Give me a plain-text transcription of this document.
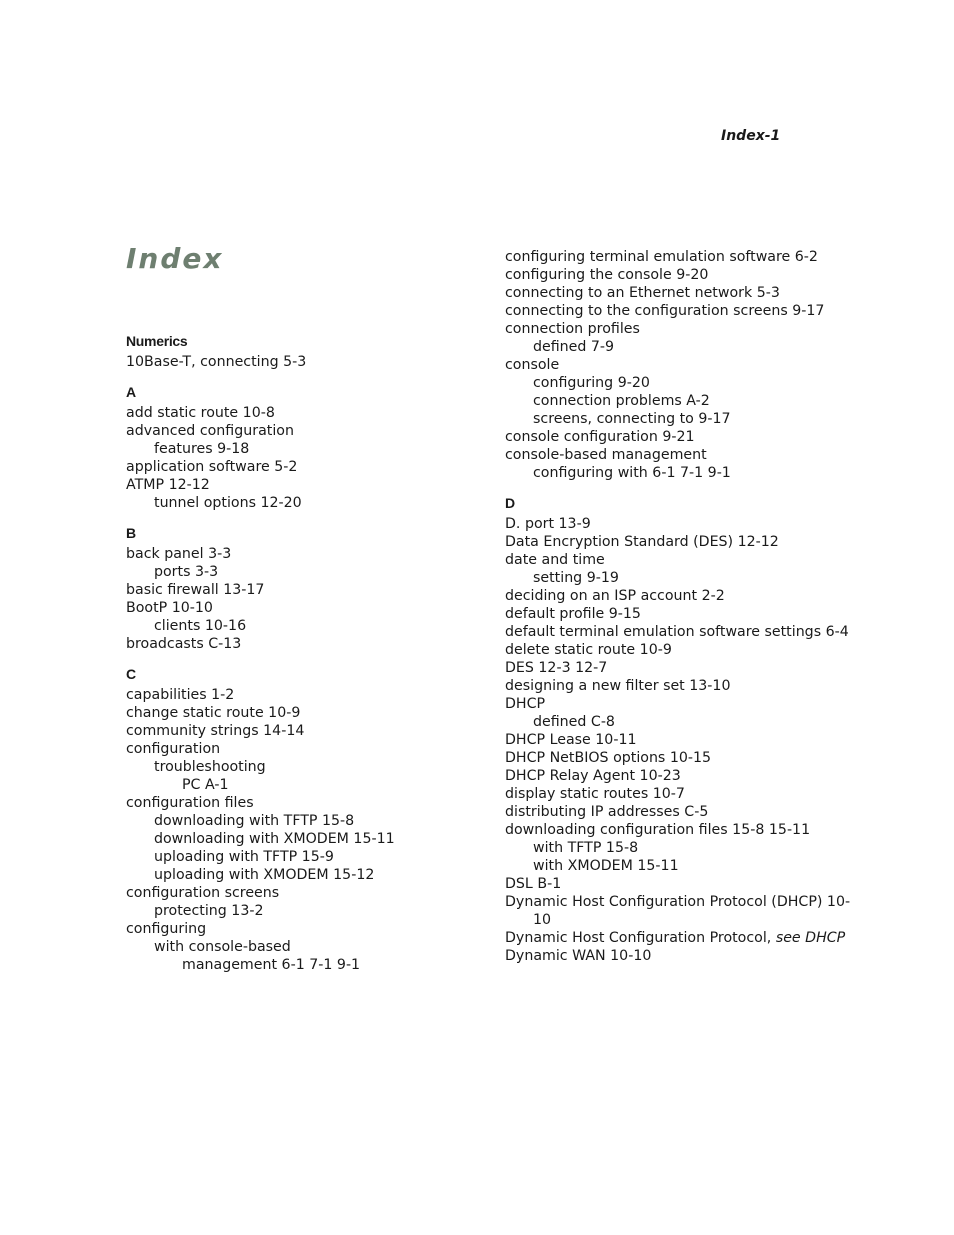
Index-1
Index
Numerics
10Base-T, connecting 5-3
A
add static route 10-8
advanced configuration
features 9-18
application software 5-2
ATMP 12-12
tunnel options 12-20
B
back panel 3-3
ports 3-3
basic firewall 13-17
BootP 10-10
clients 10-16
broadcasts C-13
C
capabilities 1-2
change static route 10-9
community strings 14-14
configuration
troubleshooting
PC A-1
configuration files
downloading with TFTP 15-8
downloading with XMODEM 15-11
uploading with TFTP 15-9
uploading with XMODEM 15-12
configuration screens
protecting 13-2
configuring
with console-based
management 6-1 7-1 9-1
configuring terminal emulation software 6-2
configuring the console 9-20
connecting to an Ethernet network 5-3
connecting to the configuration screens 9-17
connection profiles
defined 7-9
console
configuring 9-20
connection problems A-2
screens, connecting to 9-17
console configuration 9-21
console-based management
configuring with 6-1 7-1 9-1
D
D. port 13-9
Data Encryption Standard (DES) 12-12
date and time
setting 9-19
deciding on an ISP account 2-2
default profile 9-15
default terminal emulation software settings 6-4
delete static route 10-9
DES 12-3 12-7
designing a new filter set 13-10
DHCP
defined C-8
DHCP Lease 10-11
DHCP NetBIOS options 10-15
DHCP Relay Agent 10-23
display static routes 10-7
distributing IP addresses C-5
downloading configuration files 15-8 15-11
with TFTP 15-8
with XMODEM 15-11
DSL B-1
Dynamic Host Configuration Protocol (DHCP) 10-
10
Dynamic Host Configuration Protocol, see DHCP
Dynamic WAN 10-10
